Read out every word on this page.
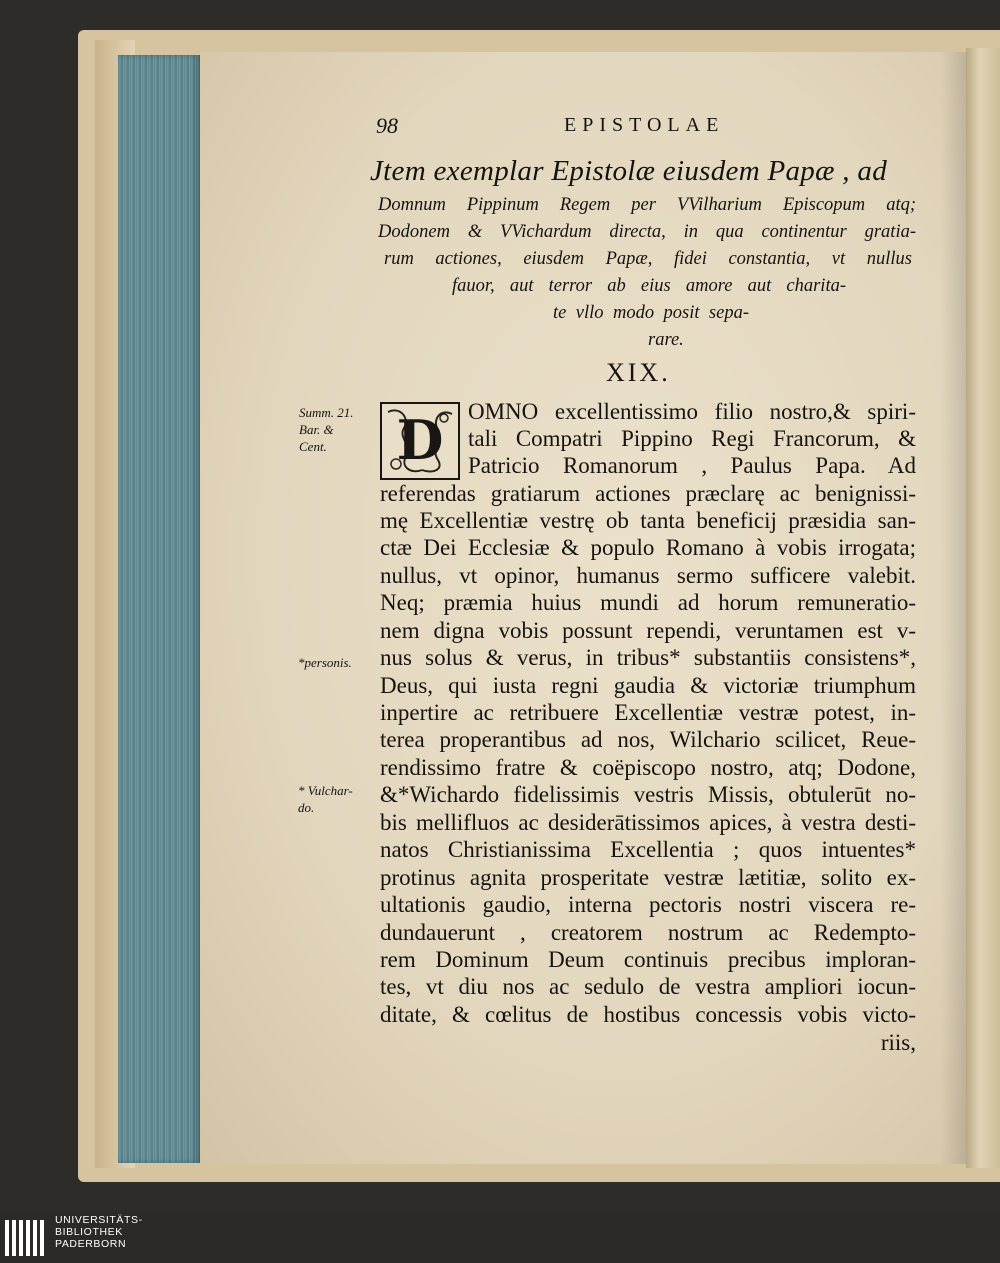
98	EPISTOLAE
Jtem exemplar Epistolæ eiusdem Papæ , ad
Domnum Pippinum Regem per VVilharium Episcopum atq;
Dodonem & VVichardum directa, in qua continentur gratia-
rum actiones, eiusdem Papæ, fidei constantia, vt nullus
fauor, aut terror ab eius amore aut charita-
te vllo modo posit sepa-
rare.
XIX.
Summ. 21.
Bar. &
Cent.
*personis.
* Vulchar-
do.
D OMNO excellentissimo filio nostro,& spiri-
tali Compatri Pippino Regi Francorum, &
Patricio Romanorum , Paulus Papa. Ad
referendas gratiarum actiones præclarę ac benignissi-
mę Excellentiæ vestrę ob tanta beneficij præsidia san-
ctæ Dei Ecclesiæ & populo Romano à vobis irrogata;
nullus, vt opinor, humanus sermo sufficere valebit.
Neq; præmia huius mundi ad horum remuneratio-
nem digna vobis possunt rependi, veruntamen est v-
nus solus & verus, in tribus* substantiis consistens*,
Deus, qui iusta regni gaudia & victoriæ triumphum
inpertire ac retribuere Excellentiæ vestræ potest, in-
terea properantibus ad nos, Wilchario scilicet, Reue-
rendissimo fratre & coëpiscopo nostro, atq; Dodone,
&*Wichardo fidelissimis vestris Missis, obtulerūt no-
bis mellifluos ac desiderātissimos apices, à vestra desti-
natos Christianissima Excellentia ; quos intuentes*
protinus agnita prosperitate vestræ lætitiæ, solito ex-
ultationis gaudio, interna pectoris nostri viscera re-
dundauerunt , creatorem nostrum ac Redempto-
rem Dominum Deum continuis precibus imploran-
tes, vt diu nos ac sedulo de vestra ampliori iocun-
ditate, & cœlitus de hostibus concessis vobis victo-
riis,
UNIVERSITÄTS-
BIBLIOTHEK
PADERBORN
